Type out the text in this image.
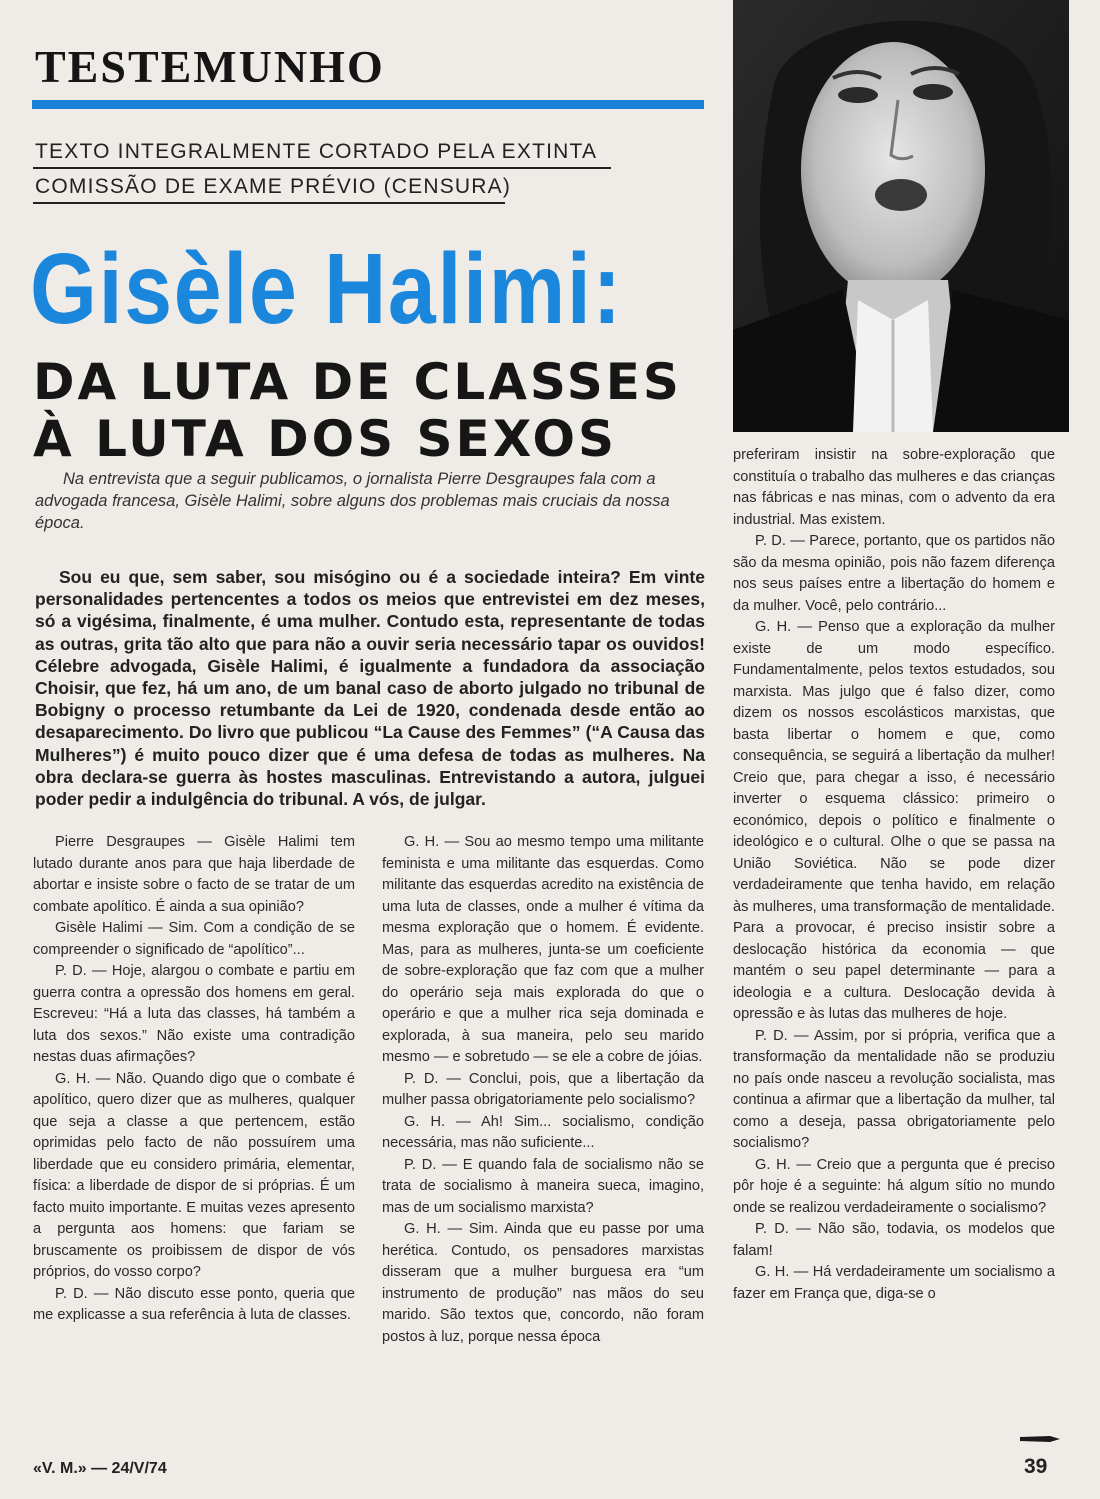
TESTEMUNHO

TEXTO INTEGRALMENTE CORTADO PELA EXTINTA

COMISSÃO DE EXAME PRÉVIO (CENSURA)

Gisèle Halimi:
DA LUTA DE CLASSES
À LUTA DOS SEXOS

Na entrevista que a seguir publicamos, o jornalista Pierre Desgraupes fala com a advogada francesa, Gisèle Halimi, sobre alguns dos problemas mais cruciais da nossa época.

Sou eu que, sem saber, sou misógino ou é a sociedade inteira? Em vinte personalidades pertencentes a todos os meios que entrevistei em dez meses, só a vigésima, finalmente, é uma mulher. Contudo esta, representante de todas as outras, grita tão alto que para não a ouvir seria necessário tapar os ouvidos! Célebre advogada, Gisèle Halimi, é igualmente a fundadora da associação Choisir, que fez, há um ano, de um banal caso de aborto julgado no tribunal de Bobigny o processo retumbante da Lei de 1920, condenada desde então ao desaparecimento. Do livro que publicou “La Cause des Femmes” (“A Causa das Mulheres”) é muito pouco dizer que é uma defesa de todas as mulheres. Na obra declara-se guerra às hostes masculinas. Entrevistando a autora, julguei poder pedir a indulgência do tribunal. A vós, de julgar.

Pierre Desgraupes — Gisèle Halimi tem lutado durante anos para que haja liberdade de abortar e insiste sobre o facto de se tratar de um combate apolítico. É ainda a sua opinião?

Gisèle Halimi — Sim. Com a condição de se compreender o significado de “apolítico”...

P. D. — Hoje, alargou o combate e partiu em guerra contra a opressão dos homens em geral. Escreveu: “Há a luta das classes, há também a luta dos sexos.” Não existe uma contradição nestas duas afirmações?

G. H. — Não. Quando digo que o combate é apolítico, quero dizer que as mulheres, qualquer que seja a classe a que pertencem, estão oprimidas pelo facto de não possuírem uma liberdade que eu considero primária, elementar, física: a liberdade de dispor de si próprias. É um facto muito importante. E muitas vezes apresento a pergunta aos homens: que fariam se bruscamente os proibissem de dispor de vós próprios, do vosso corpo?

P. D. — Não discuto esse ponto, queria que me explicasse a sua referência à luta de classes.

G. H. — Sou ao mesmo tempo uma militante feminista e uma militante das esquerdas. Como militante das esquerdas acredito na existência de uma luta de classes, onde a mulher é vítima da mesma exploração que o homem. É evidente. Mas, para as mulheres, junta-se um coeficiente de sobre-exploração que faz com que a mulher do operário seja mais explorada do que o operário e que a mulher rica seja dominada e explorada, à sua maneira, pelo seu marido mesmo — e sobretudo — se ele a cobre de jóias.

P. D. — Conclui, pois, que a libertação da mulher passa obrigatoriamente pelo socialismo?

G. H. — Ah! Sim... socialismo, condição necessária, mas não suficiente...

P. D. — E quando fala de socialismo não se trata de socialismo à maneira sueca, imagino, mas de um socialismo marxista?

G. H. — Sim. Ainda que eu passe por uma herética. Contudo, os pensadores marxistas disseram que a mulher burguesa era “um instrumento de produção” nas mãos do seu marido. São textos que, concordo, não foram postos à luz, porque nessa época

preferiram insistir na sobre-exploração que constituía o trabalho das mulheres e das crianças nas fábricas e nas minas, com o advento da era industrial. Mas existem.

P. D. — Parece, portanto, que os partidos não são da mesma opinião, pois não fazem diferença nos seus países entre a libertação do homem e da mulher. Você, pelo contrário...

G. H. — Penso que a exploração da mulher existe de um modo específico. Fundamentalmente, pelos textos estudados, sou marxista. Mas julgo que é falso dizer, como dizem os nossos escolásticos marxistas, que basta libertar o homem e que, como consequência, se seguirá a libertação da mulher! Creio que, para chegar a isso, é necessário inverter o esquema clássico: primeiro o económico, depois o político e finalmente o ideológico e o cultural. Olhe o que se passa na União Soviética. Não se pode dizer verdadeiramente que tenha havido, em relação às mulheres, uma transformação de mentalidade. Para a provocar, é preciso insistir sobre a deslocação histórica da economia — que mantém o seu papel determinante — para a ideologia e a cultura. Deslocação devida à opressão e às lutas das mulheres de hoje.

P. D. — Assim, por si própria, verifica que a transformação da mentalidade não se produziu no país onde nasceu a revolução socialista, mas continua a afirmar que a libertação da mulher, tal como a deseja, passa obrigatoriamente pelo socialismo?

G. H. — Creio que a pergunta que é preciso pôr hoje é a seguinte: há algum sítio no mundo onde se realizou verdadeiramente o socialismo?

P. D. — Não são, todavia, os modelos que falam!

G. H. — Há verdadeiramente um socialismo a fazer em França que, diga-se o

«V. M.» — 24/V/74	39
